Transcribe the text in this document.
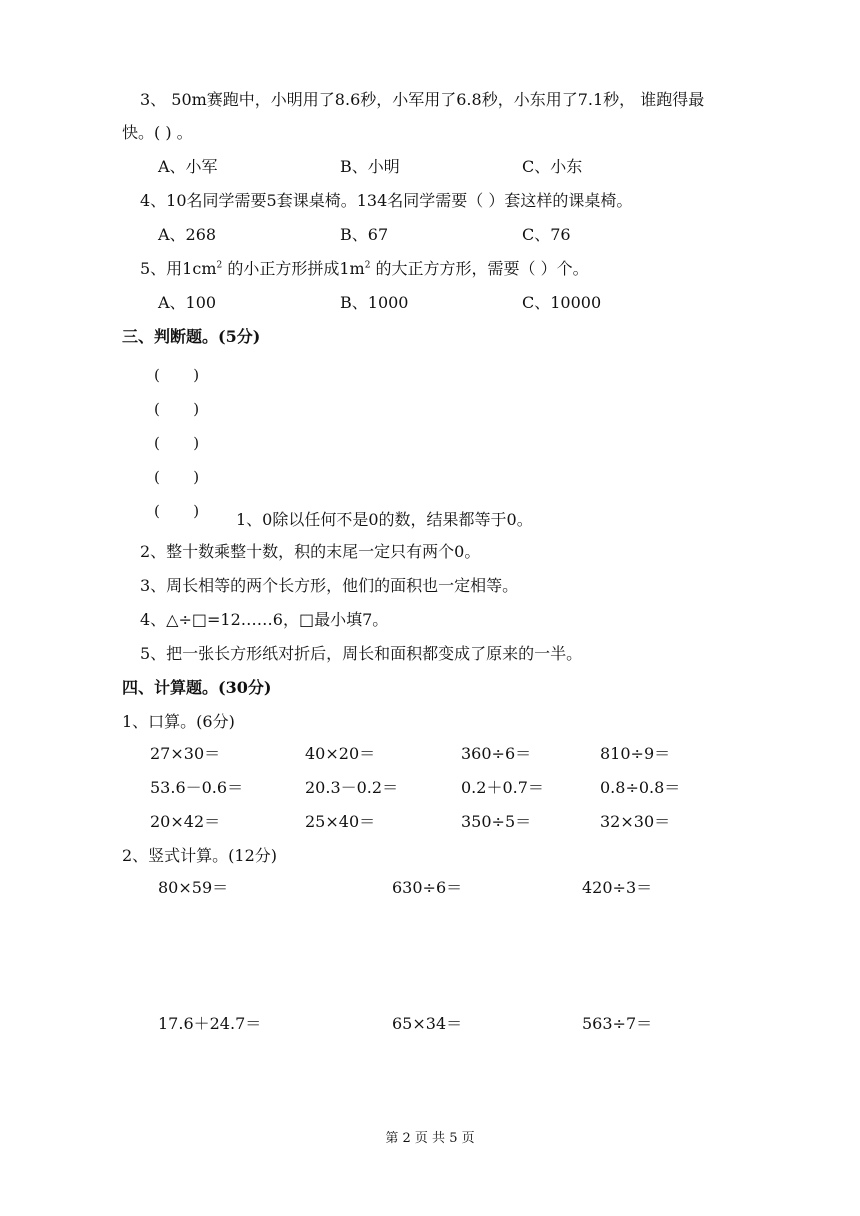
3、 50m赛跑中，小明用了8.6秒，小军用了6.8秒，小东用了7.1秒， 谁跑得最
快。( ) 。
A、小军	B、小明	C、小东
4、10名同学需要5套课桌椅。134名同学需要（ ）套这样的课桌椅。
A、268	B、67	C、76
5、用$1cm^2$ 的小正方形拼成$1m^2$ 的大正方方形，需要（ ）个。
A、100	B、1000	C、10000
三、判断题。(5分)
(       )
(       )
(       )
(       )
(       ) 1、0除以任何不是0的数，结果都等于0。
2、整十数乘整十数，积的末尾一定只有两个0。
3、周长相等的两个长方形，他们的面积也一定相等。
4、△÷□=12……6，□最小填7。
5、把一张长方形纸对折后，周长和面积都变成了原来的一半。
四、计算题。(30分)
1、口算。(6分)
27×30＝	40×20＝	360÷6＝	810÷9＝
53.6－0.6＝	20.3－0.2＝	0.2＋0.7＝	0.8÷0.8＝
20×42＝	25×40＝	350÷5＝	32×30＝
2、竖式计算。(12分)
80×59＝	630÷6＝	420÷3＝
17.6＋24.7＝	65×34＝	563÷7＝
第 2 页 共 5 页
